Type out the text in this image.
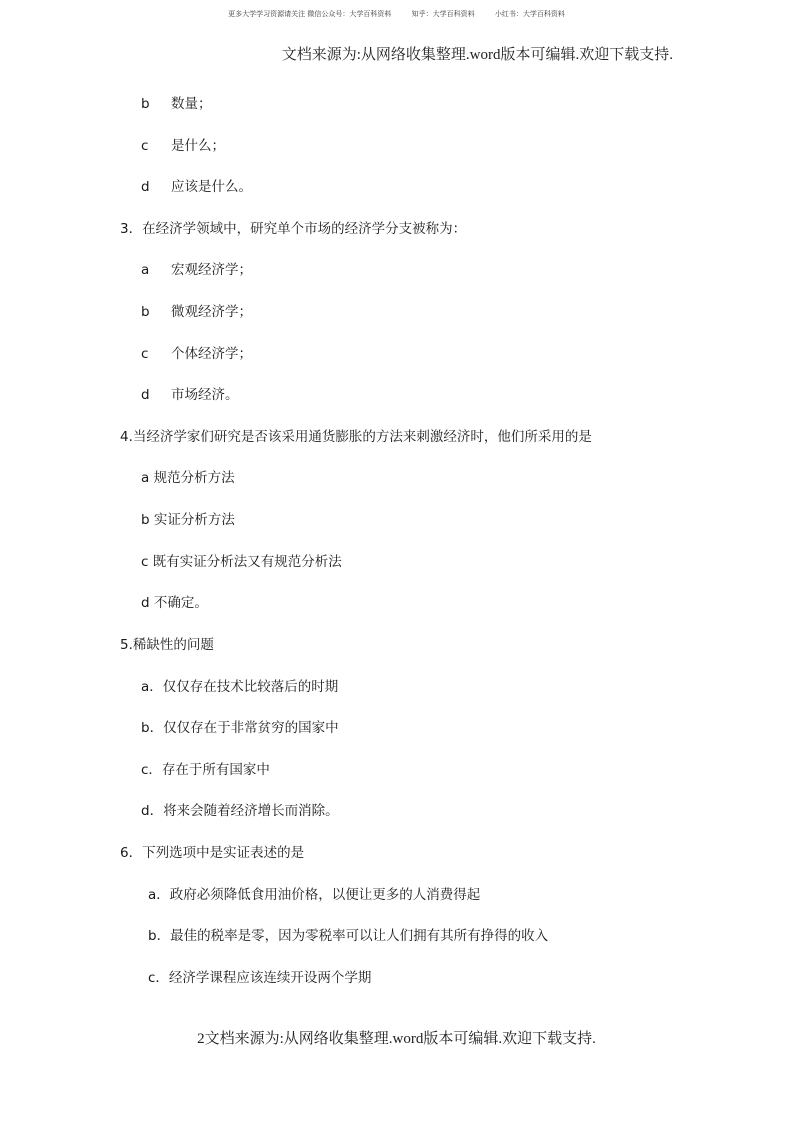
更多大学学习资源请关注 微信公众号：大学百科资料	知乎：大学百科资料	小红书：大学百科资料
文档来源为:从网络收集整理.word版本可编辑.欢迎下载支持.
b 数量；
c 是什么；
d 应该是什么。
3．在经济学领域中，研究单个市场的经济学分支被称为：
a 宏观经济学；
b 微观经济学；
c 个体经济学；
d 市场经济。
4.当经济学家们研究是否该采用通货膨胀的方法来刺激经济时，他们所采用的是
a 规范分析方法
b 实证分析方法
c 既有实证分析法又有规范分析法
d 不确定。
5.稀缺性的问题
a．仅仅存在技术比较落后的时期
b．仅仅存在于非常贫穷的国家中
c．存在于所有国家中
d．将来会随着经济增长而消除。
6．下列选项中是实证表述的是
a．政府必须降低食用油价格，以便让更多的人消费得起
b．最佳的税率是零，因为零税率可以让人们拥有其所有挣得的收入
c．经济学课程应该连续开设两个学期
2文档来源为:从网络收集整理.word版本可编辑.欢迎下载支持.
